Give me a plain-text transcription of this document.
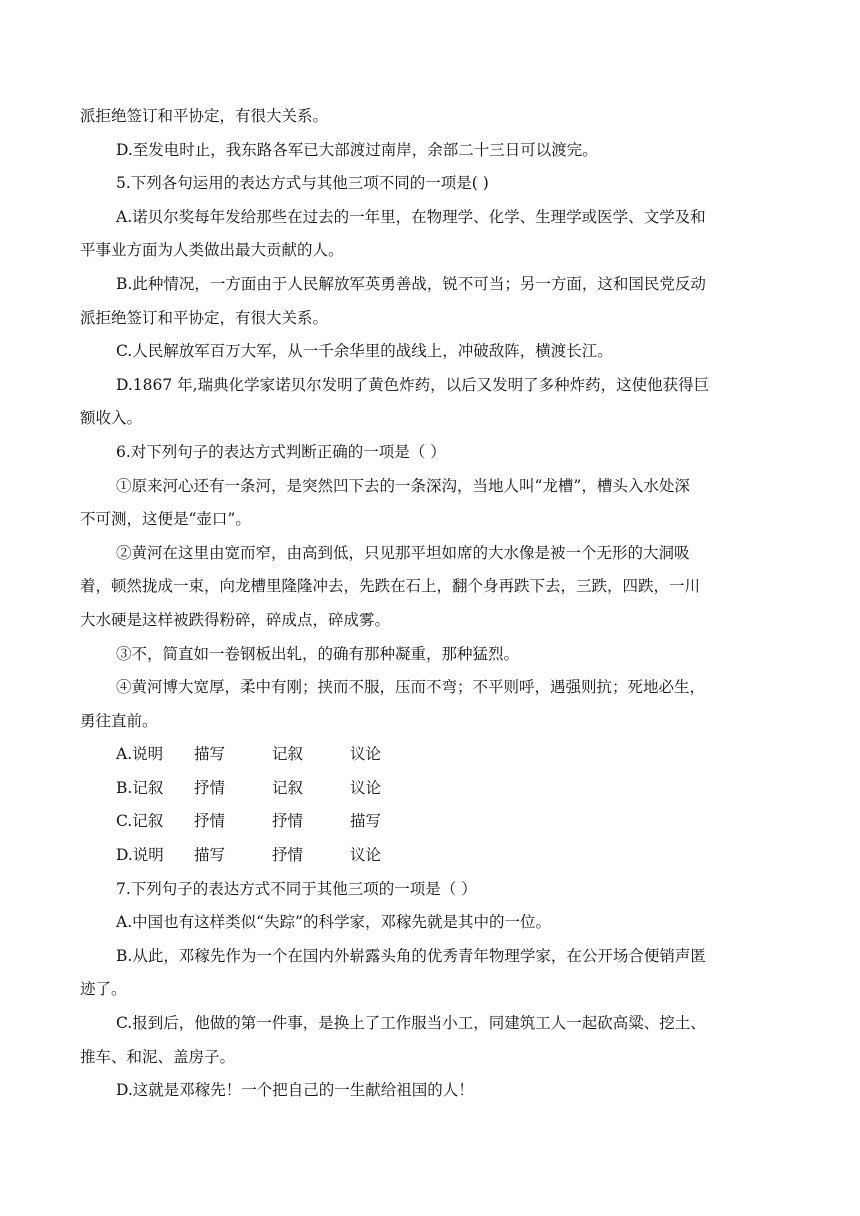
派拒绝签订和平协定，有很大关系。
D.至发电时止，我东路各军已大部渡过南岸，余部二十三日可以渡完。
5.下列各句运用的表达方式与其他三项不同的一项是( )
A.诺贝尔奖每年发给那些在过去的一年里，在物理学、化学、生理学或医学、文学及和
平事业方面为人类做出最大贡献的人。
B.此种情况，一方面由于人民解放军英勇善战，锐不可当；另一方面，这和国民党反动
派拒绝签订和平协定，有很大关系。
C.人民解放军百万大军，从一千余华里的战线上，冲破敌阵，横渡长江。
D.1867 年,瑞典化学家诺贝尔发明了黄色炸药，以后又发明了多种炸药，这使他获得巨
额收入。
6.对下列句子的表达方式判断正确的一项是（ ）
①原来河心还有一条河，是突然凹下去的一条深沟，当地人叫“龙槽”，槽头入水处深
不可测，这便是“壶口”。
②黄河在这里由宽而窄，由高到低，只见那平坦如席的大水像是被一个无形的大洞吸
着，顿然拢成一束，向龙槽里隆隆冲去，先跌在石上，翻个身再跌下去，三跌，四跌，一川
大水硬是这样被跌得粉碎，碎成点，碎成雾。
③不，简直如一卷钢板出轧，的确有那种凝重，那种猛烈。
④黄河博大宽厚，柔中有刚；挟而不服，压而不弯；不平则呼，遇强则抗；死地必生，
勇往直前。
A.说明	描写	记叙	议论
B.记叙	抒情	记叙	议论
C.记叙	抒情	抒情	描写
D.说明	描写	抒情	议论
7.下列句子的表达方式不同于其他三项的一项是（ ）
A.中国也有这样类似“失踪”的科学家，邓稼先就是其中的一位。
B.从此，邓稼先作为一个在国内外崭露头角的优秀青年物理学家，在公开场合便销声匿
迹了。
C.报到后，他做的第一件事，是换上了工作服当小工，同建筑工人一起砍高粱、挖土、
推车、和泥、盖房子。
D.这就是邓稼先！一个把自己的一生献给祖国的人！
